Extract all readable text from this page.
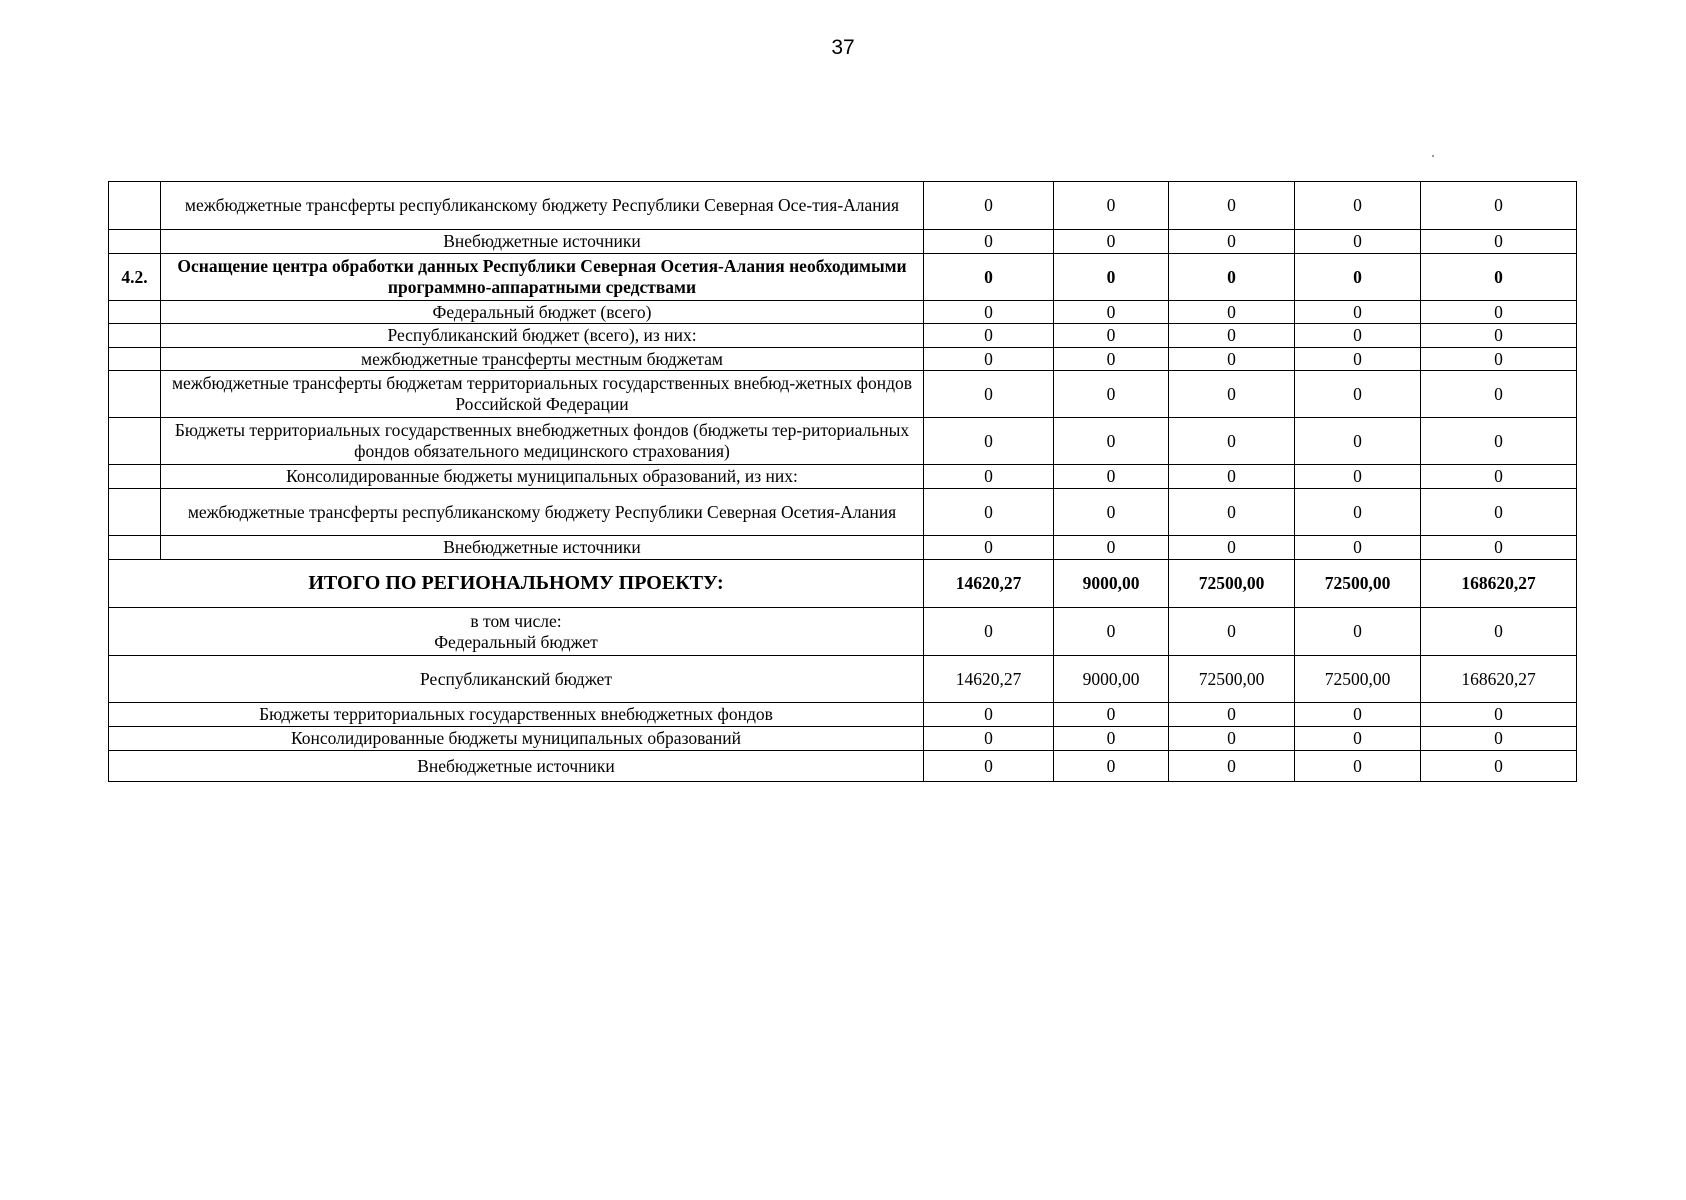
37
	межбюджетные трансферты республиканскому бюджету Республики Северная Осе-тия-Алания	0	0	0	0	0
	Внебюджетные источники	0	0	0	0	0
4.2.	Оснащение центра обработки данных Республики Северная Осетия-Алания необходимыми программно-аппаратными средствами	0	0	0	0	0
	Федеральный бюджет (всего)	0	0	0	0	0
	Республиканский бюджет (всего), из них:	0	0	0	0	0
	межбюджетные трансферты местным бюджетам	0	0	0	0	0
	межбюджетные трансферты бюджетам территориальных государственных внебюд-жетных фондов Российской Федерации	0	0	0	0	0
	Бюджеты территориальных государственных внебюджетных фондов (бюджеты тер-риториальных фондов обязательного медицинского страхования)	0	0	0	0	0
	Консолидированные бюджеты муниципальных образований, из них:	0	0	0	0	0
	межбюджетные трансферты республиканскому бюджету Республики Северная Осетия-Алания	0	0	0	0	0
	Внебюджетные источники	0	0	0	0	0
ИТОГО ПО РЕГИОНАЛЬНОМУ ПРОЕКТУ:		14620,27	9000,00	72500,00	72500,00	168620,27
в том числе:
Федеральный бюджет		0	0	0	0	0
Республиканский бюджет		14620,27	9000,00	72500,00	72500,00	168620,27
Бюджеты территориальных государственных внебюджетных фондов		0	0	0	0	0
Консолидированные бюджеты муниципальных образований		0	0	0	0	0
Внебюджетные источники		0	0	0	0	0
